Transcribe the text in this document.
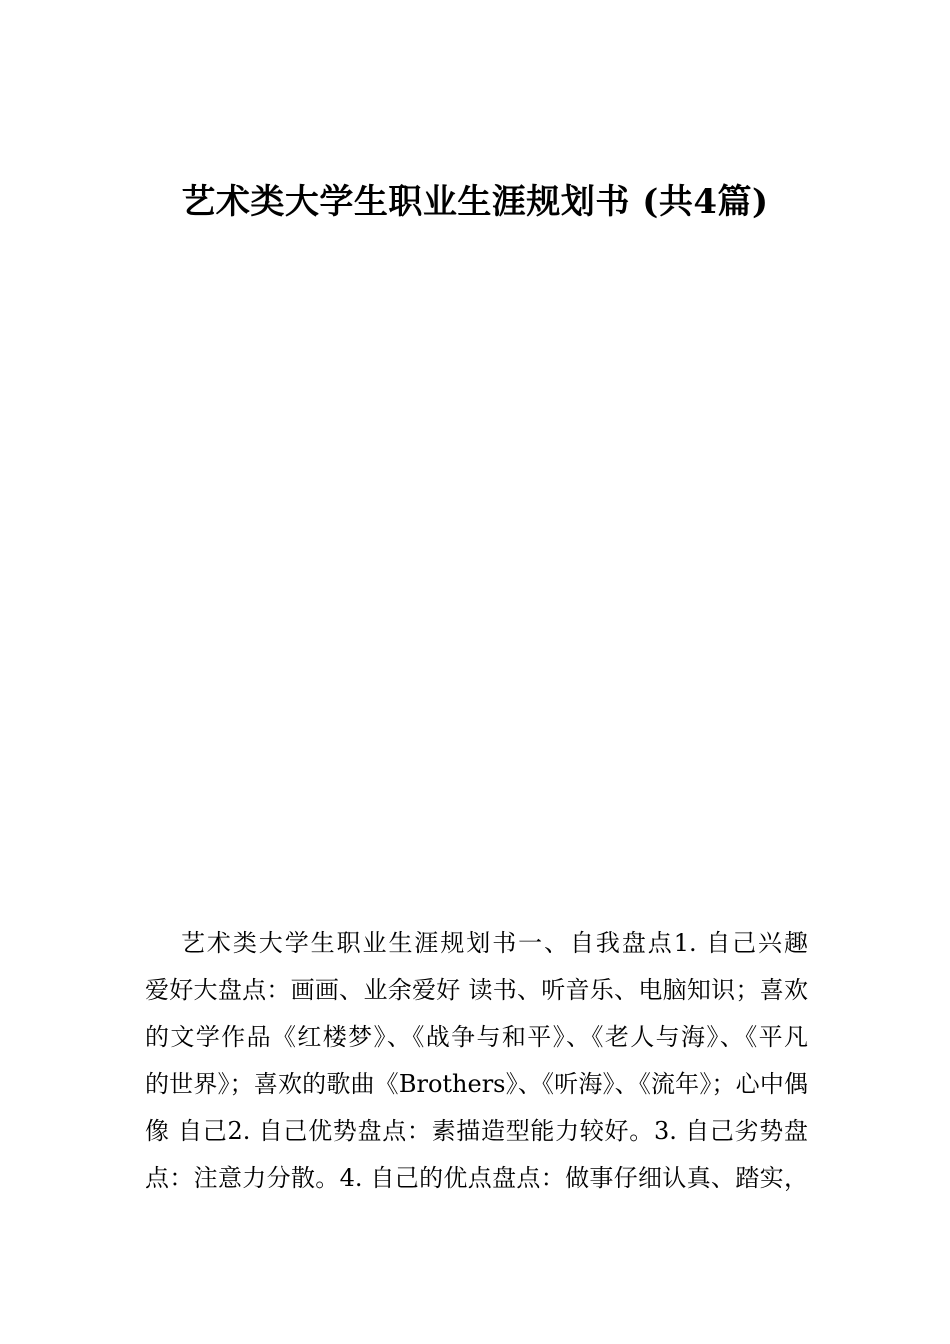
艺术类大学生职业生涯规划书 (共4篇)
艺术类大学生职业生涯规划书一、自我盘点1. 自己兴趣
爱好大盘点：画画、业余爱好 读书、听音乐、电脑知识；喜欢
的文学作品《红楼梦》、《战争与和平》、《老人与海》、《平凡
的世界》；喜欢的歌曲《Brothers》、《听海》、《流年》；心中偶
像 自己2. 自己优势盘点：素描造型能力较好。3. 自己劣势盘
点：注意力分散。4. 自己的优点盘点：做事仔细认真、踏实，
